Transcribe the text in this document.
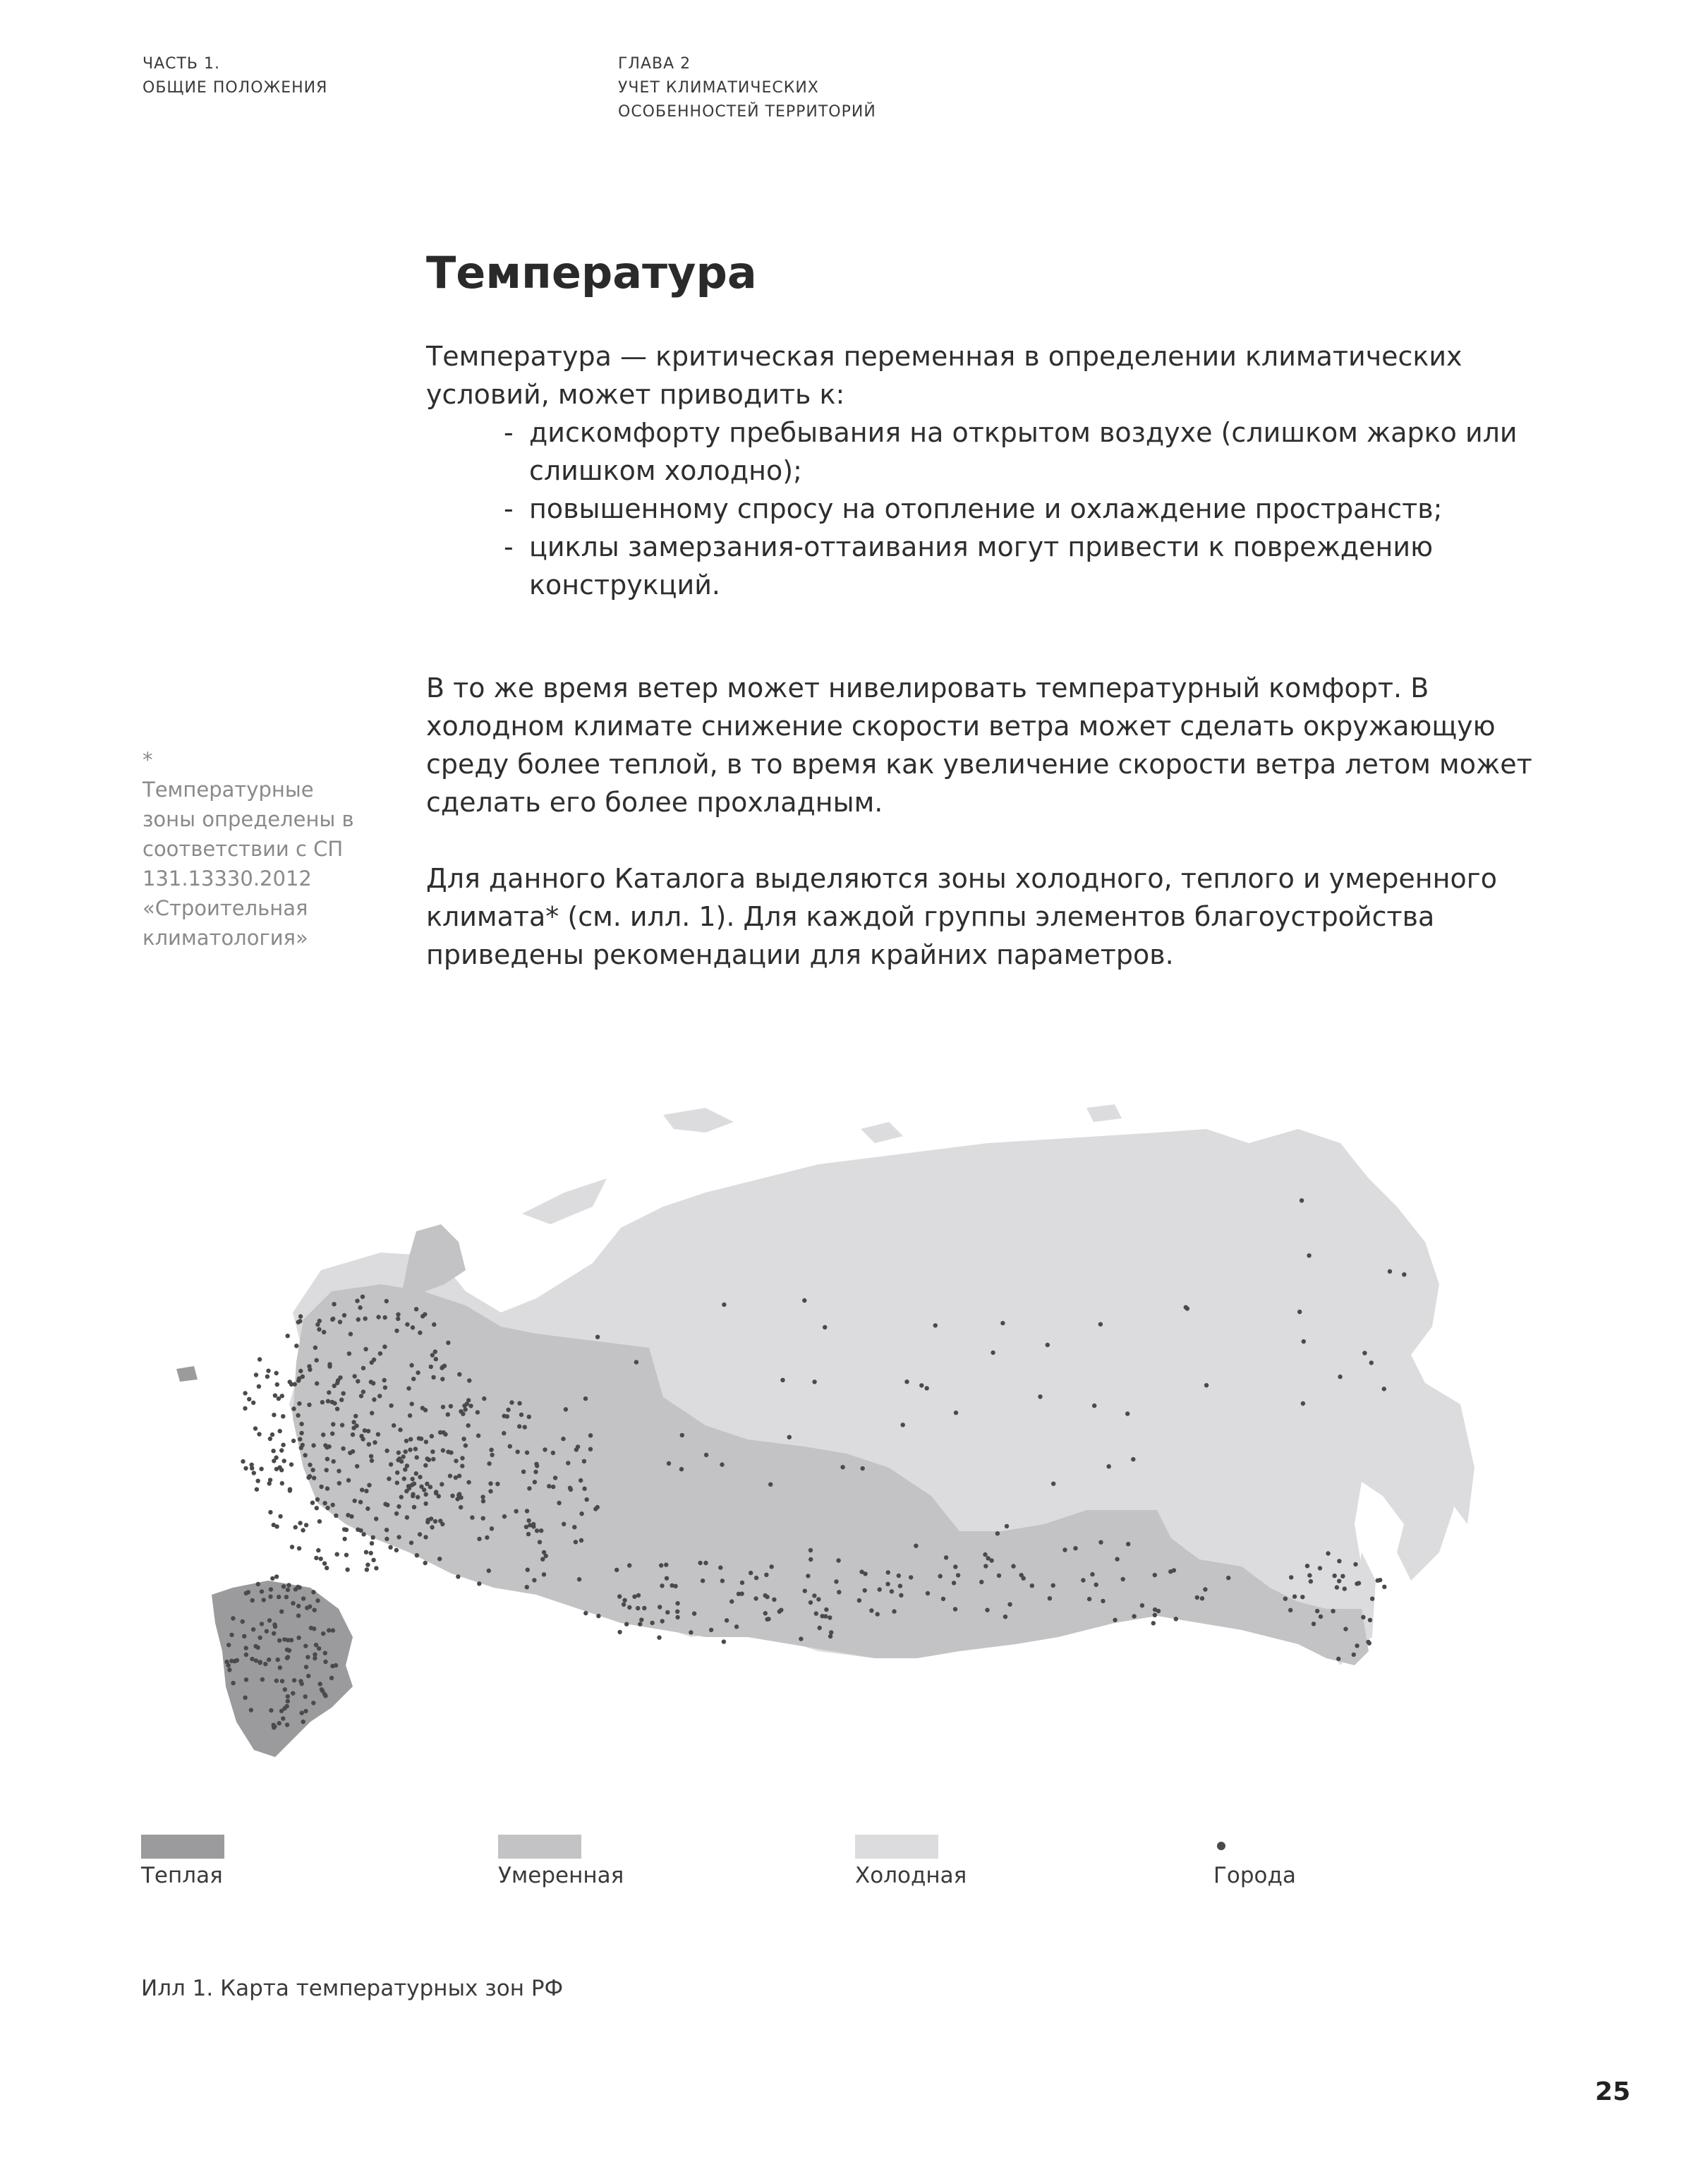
ЧАСТЬ 1.
ОБЩИЕ ПОЛОЖЕНИЯ
ГЛАВА 2
УЧЕТ КЛИМАТИЧЕСКИХ
ОСОБЕННОСТЕЙ ТЕРРИТОРИЙ
Температура

Температура — критическая переменная в определении климатических условий, может приводить к:

- дискомфорту пребывания на открытом воздухе (слишком жарко или слишком холодно);
- повышенному спросу на отопление и охлаждение пространств;
- циклы замерзания-оттаивания могут привести к повреждению конструкций.

В то же время ветер может нивелировать температурный комфорт. В холодном климате снижение скорости ветра может сделать окружающую среду более теплой, в то время как увеличение скорости ветра летом может сделать его более прохладным.

Для данного Каталога выделяются зоны холодного, теплого и умеренного климата* (см. илл. 1). Для каждой группы элементов благоустройства приведены рекомендации для крайних параметров.

*
Температурные зоны определены в соответствии с СП 131.13330.2012 «Строительная климатология»
Теплая	Умеренная	Холодная	Города
Илл 1. Карта температурных зон РФ
25
